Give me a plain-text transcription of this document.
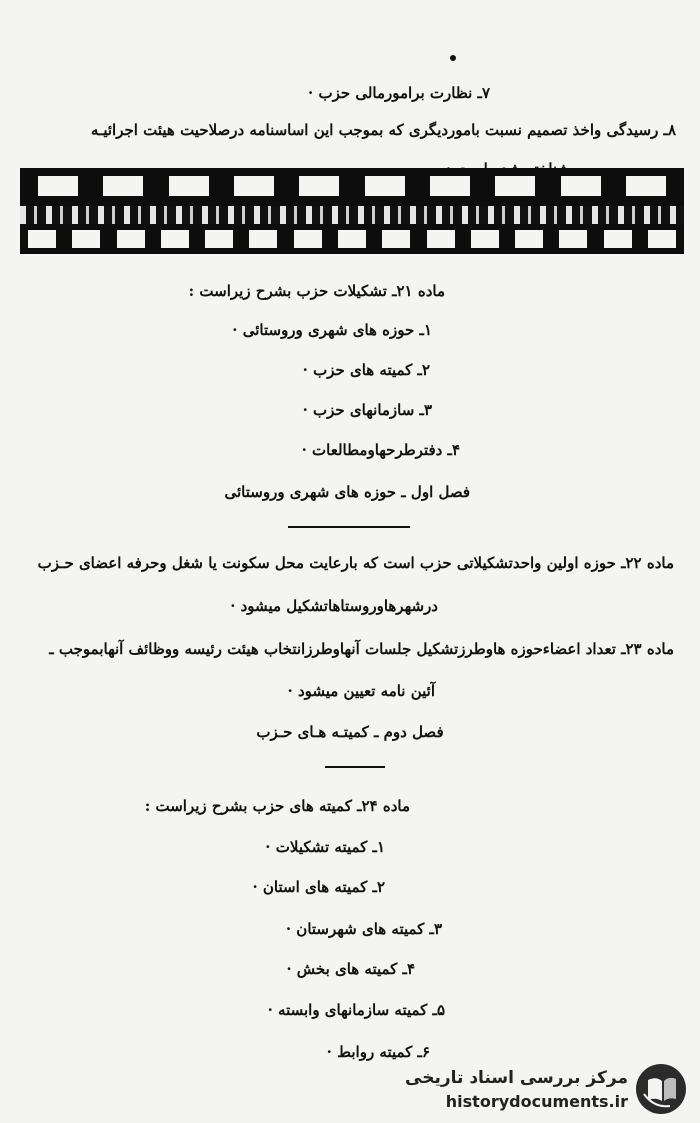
۷ـ نظارت برامورمالی حزب ·
۸ـ رسیدگی واخذ تصمیم نسبت باموردیگری که بموجب این اساسنامه درصلاحیت هیئت اجرائیـه
ماده ۲۱ـ تشکیلات حزب بشرح زیراست :
۱ـ حوزه های شهری وروستائی ·
۲ـ کمیته های حزب ·
۳ـ سازمانهای حزب ·
۴ـ دفترطرحهاومطالعات ·
فصل اول ـ حوزه های شهری وروستائی
ماده ۲۲ـ حوزه اولین واحدتشکیلاتی حزب است که بارعایت محل سکونت یا شغل وحرفه اعضای حـزب
درشهرهاوروستاهاتشکیل میشود ·
ماده ۲۳ـ تعداد اعضاءحوزه هاوطرزتشکیل جلسات آنهاوطرزانتخاب هیئت رئیسه ووظائف آنهابموجب ـ
آئین نامه تعیین میشود ·
فصل دوم ـ کمیتـه هـای حـزب
ماده ۲۴ـ کمیته های حزب بشرح زیراست :
۱ـ کمیته تشکیلات ·
۲ـ کمیته های استان ·
۳ـ کمیته های شهرستان ·
۴ـ کمیته های بخش ·
۵ـ کمیته سازمانهای وابسته ·
۶ـ کمیته روابط ·
مرکز بررسی اسناد تاریخی
historydocuments.ir
